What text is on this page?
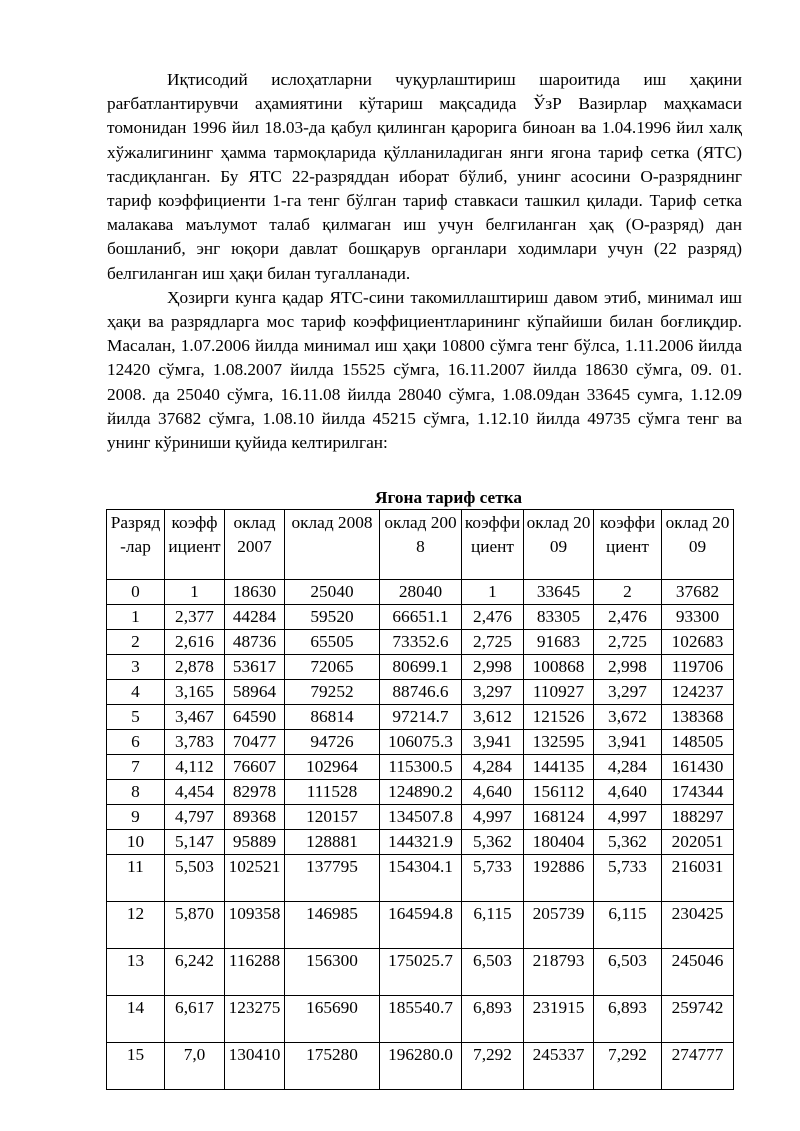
Иқтисодий ислоҳатларни чуқурлаштириш шароитида иш ҳақини рағбатлантирувчи аҳамиятини кўтариш мақсадида ЎзР Вазирлар маҳкамаси томонидан 1996 йил 18.03-да қабул қилинган қарорига биноан ва 1.04.1996 йил халқ хўжалигининг ҳамма тармоқларида қўлланиладиган янги ягона тариф сетка (ЯТС) тасдиқланган. Бу ЯТС 22-разряддан иборат бўлиб, унинг асосини О-разряднинг тариф коэффициенти 1-га тенг бўлган тариф ставкаси ташкил қилади. Тариф сетка малакава маълумот талаб қилмаган иш учун белгиланган ҳақ (О-разряд) дан бошланиб, энг юқори давлат бошқарув органлари ходимлари учун (22 разряд) белгиланган иш ҳақи билан тугалланади.

Ҳозирги кунга қадар ЯТС-сини такомиллаштириш давом этиб, минимал иш ҳақи ва разрядларга мос тариф коэффициентларининг кўпайиши билан боғлиқдир. Масалан, 1.07.2006 йилда минимал иш ҳақи 10800 сўмга тенг бўлса, 1.11.2006 йилда 12420 сўмга, 1.08.2007 йилда 15525 сўмга, 16.11.2007 йилда 18630 сўмга, 09. 01. 2008. да 25040 сўмга, 16.11.08 йилда 28040 сўмга, 1.08.09дан 33645 сумга, 1.12.09 йилда 37682 сўмга, 1.08.10 йилда 45215 сўмга, 1.12.10 йилда 49735 сўмга тенг ва унинг кўриниши қуйида келтирилган:

Ягона тариф сетка
Разряд-лар	коэффициент	оклад 2007	оклад 2008	оклад 2008	коэффициент	оклад 2009	коэффициент	оклад 2009
0	1	18630	25040	28040	1	33645	2	37682
1	2,377	44284	59520	66651.1	2,476	83305	2,476	93300
2	2,616	48736	65505	73352.6	2,725	91683	2,725	102683
3	2,878	53617	72065	80699.1	2,998	100868	2,998	119706
4	3,165	58964	79252	88746.6	3,297	110927	3,297	124237
5	3,467	64590	86814	97214.7	3,612	121526	3,672	138368
6	3,783	70477	94726	106075.3	3,941	132595	3,941	148505
7	4,112	76607	102964	115300.5	4,284	144135	4,284	161430
8	4,454	82978	111528	124890.2	4,640	156112	4,640	174344
9	4,797	89368	120157	134507.8	4,997	168124	4,997	188297
10	5,147	95889	128881	144321.9	5,362	180404	5,362	202051
11	5,503	102521	137795	154304.1	5,733	192886	5,733	216031
12	5,870	109358	146985	164594.8	6,115	205739	6,115	230425
13	6,242	116288	156300	175025.7	6,503	218793	6,503	245046
14	6,617	123275	165690	185540.7	6,893	231915	6,893	259742
15	7,0	130410	175280	196280.0	7,292	245337	7,292	274777
